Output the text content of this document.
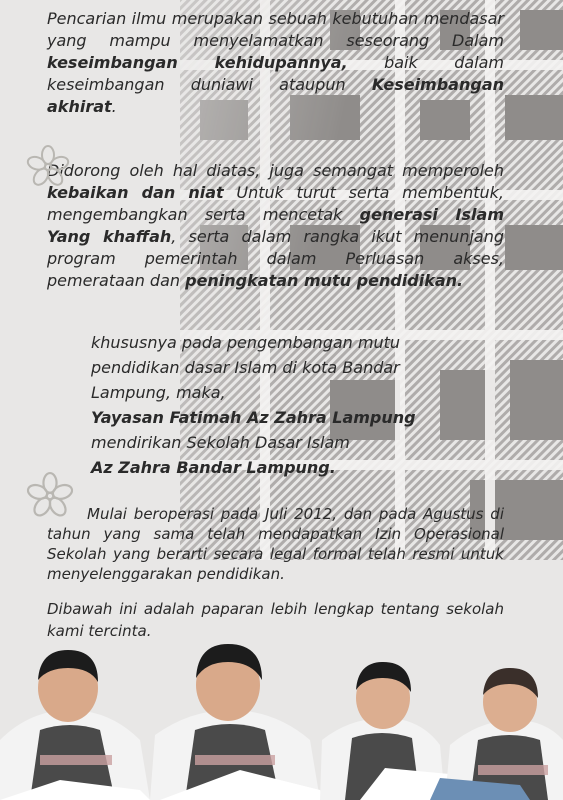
Pencarian ilmu merupakan sebuah kebutuhan mendasar yang mampu menyelamatkan seseorang Dalam keseimbangan kehidupannya, baik dalam keseimbangan duniawi ataupun Keseimbangan akhirat.

Didorong oleh hal diatas, juga semangat memperoleh kebaikan dan niat Untuk turut serta membentuk, mengembangkan serta mencetak generasi Islam Yang khaffah, serta dalam rangka ikut menunjang program pemerintah dalam Perluasan akses, pemerataan dan peningkatan mutu pendidikan.

khususnya pada pengembangan mutu
pendidikan dasar Islam di kota Bandar
Lampung, maka,
Yayasan Fatimah Az Zahra Lampung
mendirikan Sekolah Dasar Islam
Az Zahra Bandar Lampung.

Mulai beroperasi pada Juli 2012, dan pada Agustus di tahun yang sama telah mendapatkan Izin Operasional Sekolah yang berarti secara legal formal telah resmi untuk menyelenggarakan pendidikan.

Dibawah ini adalah paparan lebih lengkap tentang sekolah kami tercinta.
